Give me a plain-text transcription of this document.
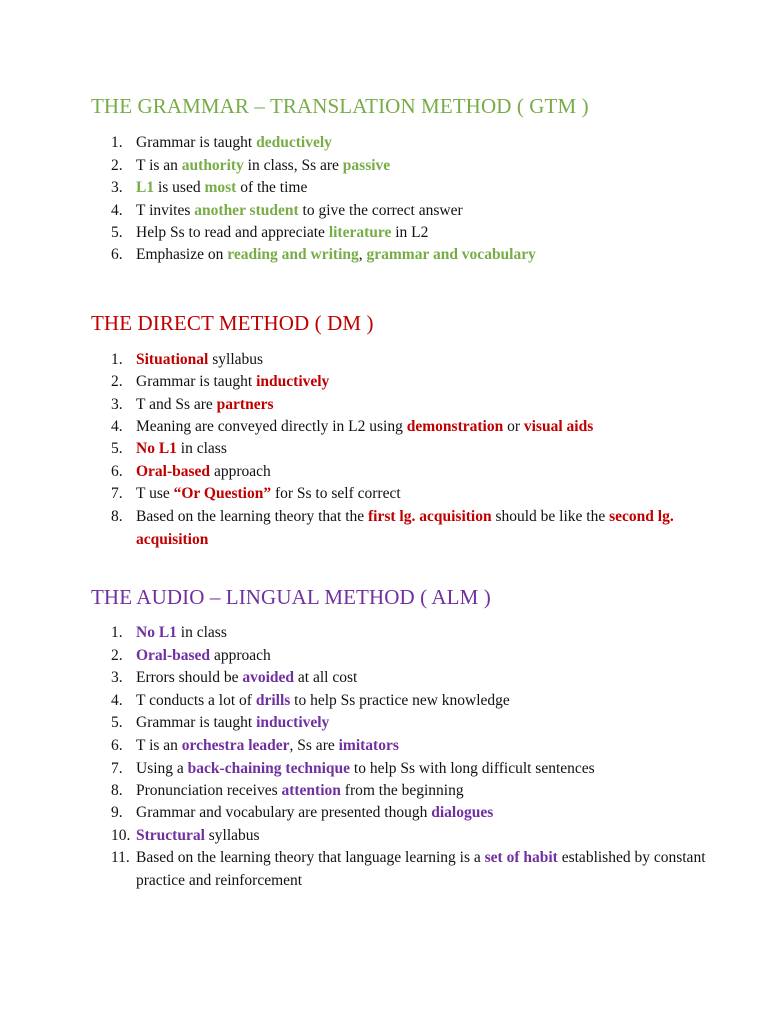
THE GRAMMAR – TRANSLATION METHOD ( GTM )
1. Grammar is taught deductively
2. T is an authority in class, Ss are passive
3. L1 is used most of the time
4. T invites another student to give the correct answer
5. Help Ss to read and appreciate literature in L2
6. Emphasize on reading and writing, grammar and vocabulary
THE DIRECT METHOD ( DM )
1. Situational syllabus
2. Grammar is taught inductively
3. T and Ss are partners
4. Meaning are conveyed directly in L2 using demonstration or visual aids
5. No L1 in class
6. Oral-based approach
7. T use “Or Question” for Ss to self correct
8. Based on the learning theory that the first lg. acquisition should be like the second lg. acquisition
THE AUDIO – LINGUAL METHOD ( ALM )
1. No L1 in class
2. Oral-based approach
3. Errors should be avoided at all cost
4. T conducts a lot of drills to help Ss practice new knowledge
5. Grammar is taught inductively
6. T is an orchestra leader, Ss are imitators
7. Using a back-chaining technique to help Ss with long difficult sentences
8. Pronunciation receives attention from the beginning
9. Grammar and vocabulary are presented though dialogues
10. Structural syllabus
11. Based on the learning theory that language learning is a set of habit established by constant practice and reinforcement
